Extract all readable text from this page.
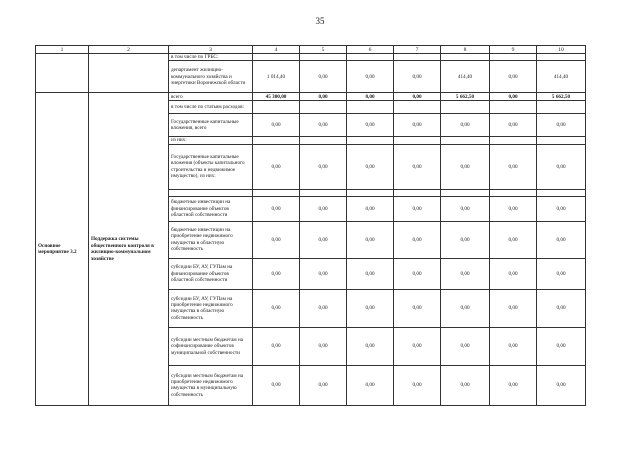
35
1	2	3	4	5	6	7	8	9	10
		в том числе по ГРБС:							
		департамент жилищно-коммунального хозяйства и энергетики Воронежской области	1 014,40	0,00	0,00	0,00	414,40	0,00	414,40
Основное мероприятие 3.2	Поддержка системы общественного контроля в жилищно-коммунальном хозяйстве	всего	45 300,00	0,00	0,00	0,00	5 662,50	0,00	5 662,50
		в том числе по статьям расходов:							
		Государственные капитальные вложения, всего	0,00	0,00	0,00	0,00	0,00	0,00	0,00
		из них:							
		Государственные капитальные вложения (объекты капитального строительства и недвижимое имущество), из них:	0,00	0,00	0,00	0,00	0,00	0,00	0,00

		бюджетные инвестиции на финансирование объектов областной собственности	0,00	0,00	0,00	0,00	0,00	0,00	0,00
		бюджетные инвестиции на приобретение недвижимого имущества в областную собственность	0,00	0,00	0,00	0,00	0,00	0,00	0,00
		субсидии БУ, АУ, ГУПам на финансирование объектов областной собственности	0,00	0,00	0,00	0,00	0,00	0,00	0,00
		субсидии БУ, АУ, ГУПам на приобретение недвижимого имущества в областную собственность	0,00	0,00	0,00	0,00	0,00	0,00	0,00
		субсидии местным бюджетам на софинансирование объектов муниципальной собственности	0,00	0,00	0,00	0,00	0,00	0,00	0,00
		субсидии местным бюджетам на приобретение недвижимого имущества в муниципальную собственность	0,00	0,00	0,00	0,00	0,00	0,00	0,00
